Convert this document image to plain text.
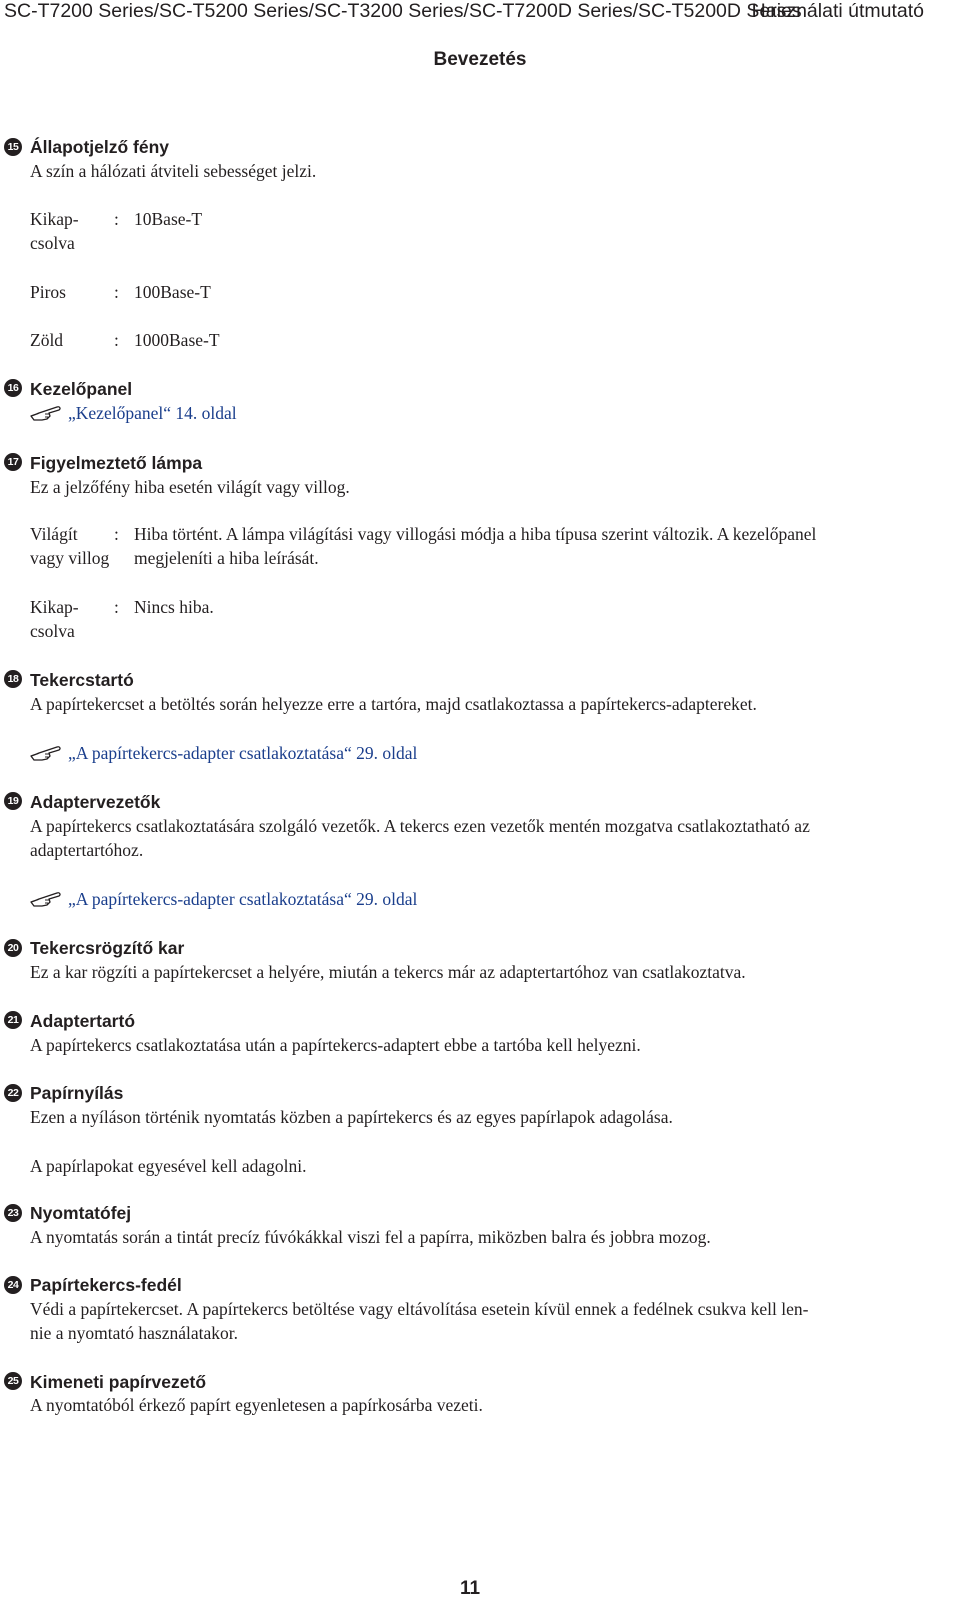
SC-T7200 Series/SC-T5200 Series/SC-T3200 Series/SC-T7200D Series/SC-T5200D Series
Használati útmutató
Bevezetés
15 Állapotjelző fény
A szín a hálózati átviteli sebességet jelzi.
Kikap-
csolva
: 10Base-T
Piros	: 100Base-T
Zöld	: 1000Base-T
16 Kezelőpanel
„Kezelőpanel“ 14. oldal
17 Figyelmeztető lámpa
Ez a jelzőfény hiba esetén világít vagy villog.
Világít
vagy villog
: Hiba történt. A lámpa világítási vagy villogási módja a hiba típusa szerint változik. A kezelőpanel
megjeleníti a hiba leírását.
Kikap-
csolva
: Nincs hiba.
18 Tekercstartó
A papírtekercset a betöltés során helyezze erre a tartóra, majd csatlakoztassa a papírtekercs-adaptereket.
„A papírtekercs-adapter csatlakoztatása“ 29. oldal
19 Adaptervezetők
A papírtekercs csatlakoztatására szolgáló vezetők. A tekercs ezen vezetők mentén mozgatva csatlakoztatható az
adaptertartóhoz.
„A papírtekercs-adapter csatlakoztatása“ 29. oldal
20 Tekercsrögzítő kar
Ez a kar rögzíti a papírtekercset a helyére, miután a tekercs már az adaptertartóhoz van csatlakoztatva.
21 Adaptertartó
A papírtekercs csatlakoztatása után a papírtekercs-adaptert ebbe a tartóba kell helyezni.
22 Papírnyílás
Ezen a nyíláson történik nyomtatás közben a papírtekercs és az egyes papírlapok adagolása.
A papírlapokat egyesével kell adagolni.
23 Nyomtatófej
A nyomtatás során a tintát precíz fúvókákkal viszi fel a papírra, miközben balra és jobbra mozog.
24 Papírtekercs-fedél
Védi a papírtekercset. A papírtekercs betöltése vagy eltávolítása esetein kívül ennek a fedélnek csukva kell len-
nie a nyomtató használatakor.
25 Kimeneti papírvezető
A nyomtatóból érkező papírt egyenletesen a papírkosárba vezeti.
11
